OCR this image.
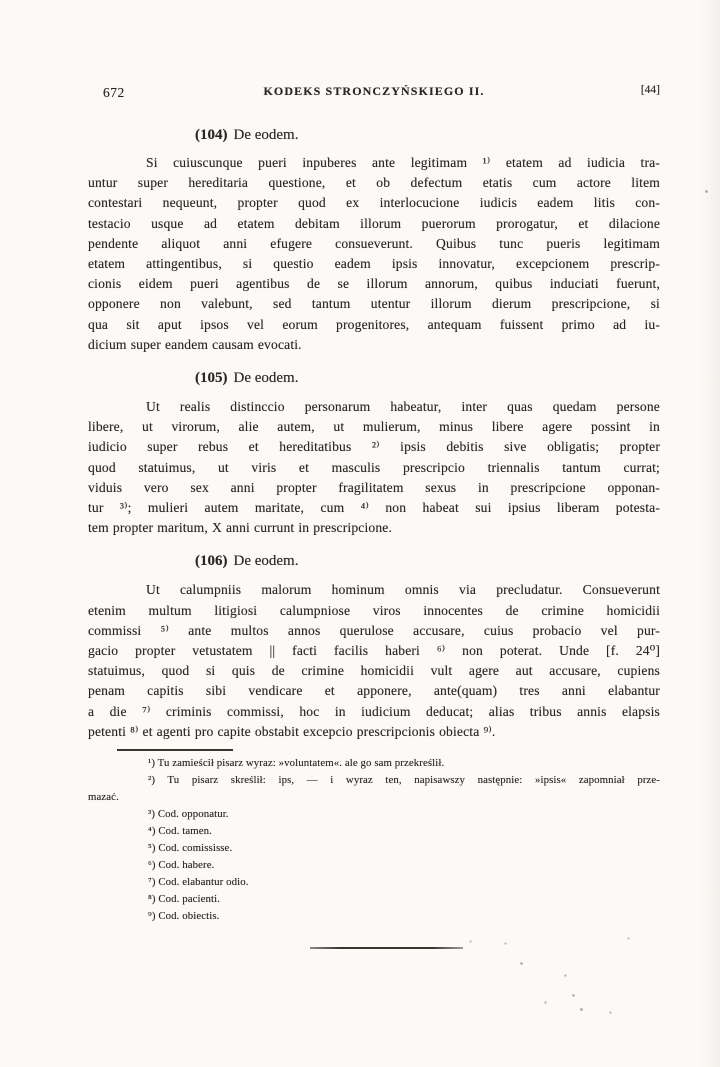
672	KODEKS STRONCZYŃSKIEGO II.	[44]
(104) De eodem.
Si cuiuscunque pueri inpuberes ante legitimam ¹⁾ etatem ad iudicia tra-
untur super hereditaria questione, et ob defectum etatis cum actore litem
contestari nequeunt, propter quod ex interlocucione iudicis eadem litis con-
testacio usque ad etatem debitam illorum puerorum prorogatur, et dilacione
pendente aliquot anni efugere consueverunt. Quibus tunc pueris legitimam
etatem attingentibus, si questio eadem ipsis innovatur, excepcionem prescrip-
cionis eidem pueri agentibus de se illorum annorum, quibus induciati fuerunt,
opponere non valebunt, sed tantum utentur illorum dierum prescripcione, si
qua sit aput ipsos vel eorum progenitores, antequam fuissent primo ad iu-
dicium super eandem causam evocati.
(105) De eodem.
Ut realis distinccio personarum habeatur, inter quas quedam persone
libere, ut virorum, alie autem, ut mulierum, minus libere agere possint in
iudicio super rebus et hereditatibus ²⁾ ipsis debitis sive obligatis; propter
quod statuimus, ut viris et masculis prescripcio triennalis tantum currat;
viduis vero sex anni propter fragilitatem sexus in prescripcione opponan-
tur ³⁾; mulieri autem maritate, cum ⁴⁾ non habeat sui ipsius liberam potesta-
tem propter maritum, X anni currunt in prescripcione.
(106) De eodem.
Ut calumpniis malorum hominum omnis via precludatur. Consueverunt
etenim multum litigiosi calumpniose viros innocentes de crimine homicidii
commissi ⁵⁾ ante multos annos querulose accusare, cuius probacio vel pur-
gacio propter vetustatem || facti facilis haberi ⁶⁾ non poterat. Unde [f. 24⁰]
statuimus, quod si quis de crimine homicidii vult agere aut accusare, cupiens
penam capitis sibi vendicare et apponere, ante(quam) tres anni elabantur
a die ⁷⁾ criminis commissi, hoc in iudicium deducat; alias tribus annis elapsis
petenti ⁸⁾ et agenti pro capite obstabit excepcio prescripcionis obiecta ⁹⁾.
¹) Tu zamieścił pisarz wyraz: »voluntatem«. ale go sam przekreślił.
²) Tu pisarz skreślił: ips, — i wyraz ten, napisawszy następnie: »ipsis« zapomniał prze-
mazać.
³) Cod. opponatur.
⁴) Cod. tamen.
⁵) Cod. comississe.
⁶) Cod. habere.
⁷) Cod. elabantur odio.
⁸) Cod. pacienti.
⁹) Cod. obiectis.
